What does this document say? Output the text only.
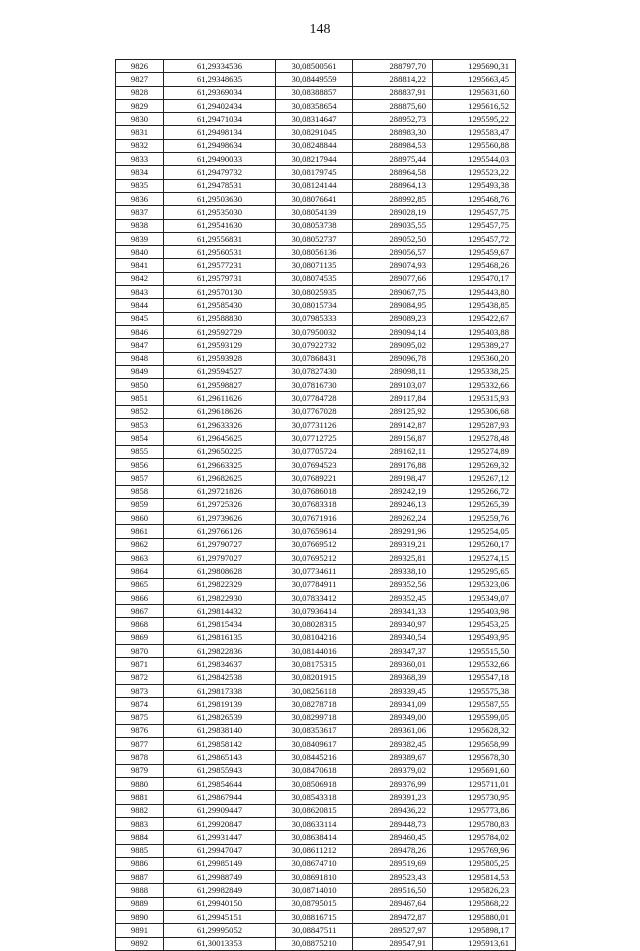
148
9826	61,29334536	30,08500561	288797,70	1295690,31
9827	61,29348635	30,08449559	288814,22	1295663,45
9828	61,29369034	30,08388857	288837,91	1295631,60
9829	61,29402434	30,08358654	288875,60	1295616,52
9830	61,29471034	30,08314647	288952,73	1295595,22
9831	61,29498134	30,08291045	288983,30	1295583,47
9832	61,29498634	30,08248844	288984,53	1295560,88
9833	61,29490033	30,08217944	288975,44	1295544,03
9834	61,29479732	30,08179745	288964,58	1295523,22
9835	61,29478531	30,08124144	288964,13	1295493,38
9836	61,29503630	30,08076641	288992,85	1295468,76
9837	61,29535030	30,08054139	289028,19	1295457,75
9838	61,29541630	30,08053738	289035,55	1295457,75
9839	61,29556831	30,08052737	289052,50	1295457,72
9840	61,29560531	30,08056136	289056,57	1295459,67
9841	61,29577231	30,08071135	289074,93	1295468,26
9842	61,29579731	30,08074535	289077,66	1295470,17
9843	61,29570130	30,08025935	289067,75	1295443,80
9844	61,29585430	30,08015734	289084,95	1295438,85
9845	61,29588830	30,07985333	289089,23	1295422,67
9846	61,29592729	30,07950032	289094,14	1295403,88
9847	61,29593129	30,07922732	289095,02	1295389,27
9848	61,29593928	30,07868431	289096,78	1295360,20
9849	61,29594527	30,07827430	289098,11	1295338,25
9850	61,29598827	30,07816730	289103,07	1295332,66
9851	61,29611626	30,07784728	289117,84	1295315,93
9852	61,29618626	30,07767028	289125,92	1295306,68
9853	61,29633326	30,07731126	289142,87	1295287,93
9854	61,29645625	30,07712725	289156,87	1295278,48
9855	61,29650225	30,07705724	289162,11	1295274,89
9856	61,29663325	30,07694523	289176,88	1295269,32
9857	61,29682625	30,07689221	289198,47	1295267,12
9858	61,29721826	30,07686018	289242,19	1295266,72
9859	61,29725326	30,07683318	289246,13	1295265,39
9860	61,29739626	30,07671916	289262,24	1295259,76
9861	61,29766126	30,07659614	289291,96	1295254,05
9862	61,29790727	30,07669512	289319,21	1295260,17
9863	61,29797027	30,07695212	289325,81	1295274,15
9864	61,29808628	30,07734611	289338,10	1295295,65
9865	61,29822329	30,07784911	289352,56	1295323,06
9866	61,29822930	30,07833412	289352,45	1295349,07
9867	61,29814432	30,07936414	289341,33	1295403,98
9868	61,29815434	30,08028315	289340,97	1295453,25
9869	61,29816135	30,08104216	289340,54	1295493,95
9870	61,29822836	30,08144016	289347,37	1295515,50
9871	61,29834637	30,08175315	289360,01	1295532,66
9872	61,29842538	30,08201915	289368,39	1295547,18
9873	61,29817338	30,08256118	289339,45	1295575,38
9874	61,29819139	30,08278718	289341,09	1295587,55
9875	61,29826539	30,08299718	289349,00	1295599,05
9876	61,29838140	30,08353617	289361,06	1295628,32
9877	61,29858142	30,08409617	289382,45	1295658,99
9878	61,29865143	30,08445216	289389,67	1295678,30
9879	61,29855943	30,08470618	289379,02	1295691,60
9880	61,29854644	30,08506918	289376,99	1295711,01
9881	61,29867944	30,08543318	289391,23	1295730,95
9882	61,29909447	30,08620815	289436,22	1295773,86
9883	61,29920847	30,08633114	289448,73	1295780,83
9884	61,29931447	30,08638414	289460,45	1295784,02
9885	61,29947047	30,08611212	289478,26	1295769,96
9886	61,29985149	30,08674710	289519,69	1295805,25
9887	61,29988749	30,08691810	289523,43	1295814,53
9888	61,29982849	30,08714010	289516,50	1295826,23
9889	61,29940150	30,08795015	289467,64	1295868,22
9890	61,29945151	30,08816715	289472,87	1295880,01
9891	61,29995052	30,08847511	289527,97	1295898,17
9892	61,30013353	30,08875210	289547,91	1295913,61
